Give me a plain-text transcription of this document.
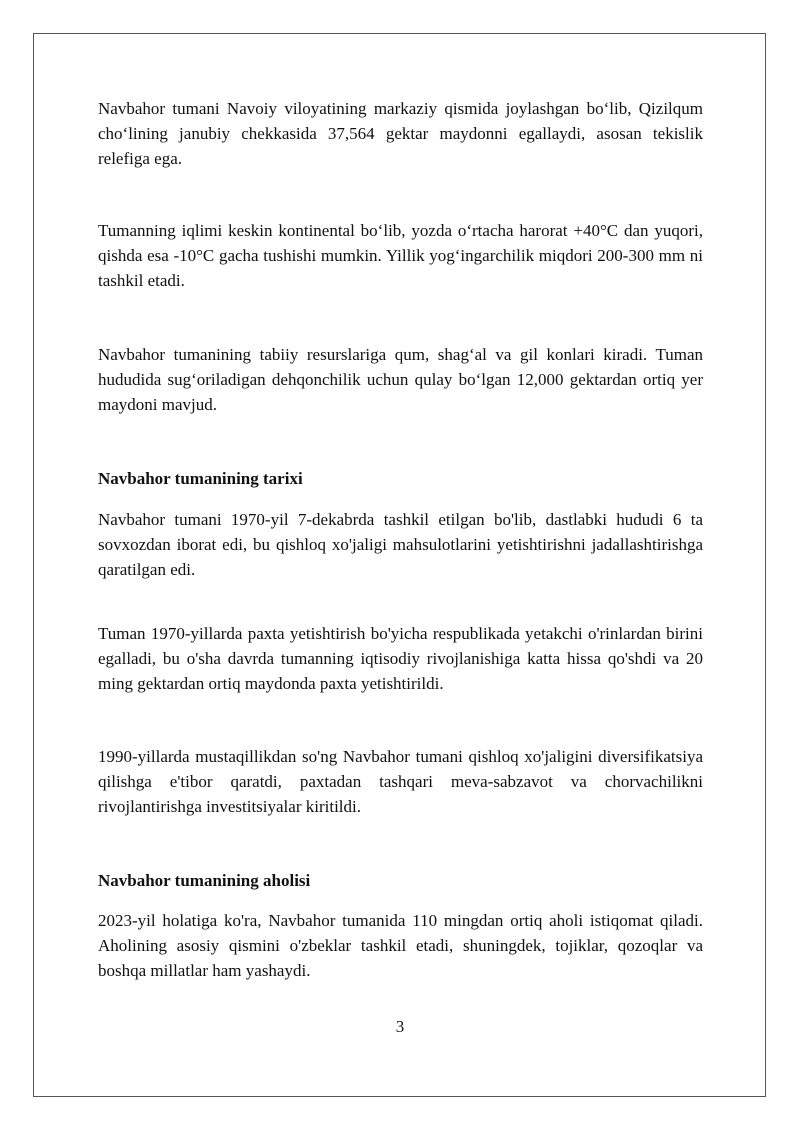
Navbahor tumani Navoiy viloyatining markaziy qismida joylashgan bo‘lib, Qizilqum cho‘lining janubiy chekkasida 37,564 gektar maydonni egallaydi, asosan tekislik relefiga ega.

Tumanning iqlimi keskin kontinental bo‘lib, yozda o‘rtacha harorat +40°C dan yuqori, qishda esa -10°C gacha tushishi mumkin. Yillik yog‘ingarchilik miqdori 200-300 mm ni tashkil etadi.

Navbahor tumanining tabiiy resurslariga qum, shag‘al va gil konlari kiradi. Tuman hududida sug‘oriladigan dehqonchilik uchun qulay bo‘lgan 12,000 gektardan ortiq yer maydoni mavjud.

Navbahor tumanining tarixi

Navbahor tumani 1970-yil 7-dekabrda tashkil etilgan bo'lib, dastlabki hududi 6 ta sovxozdan iborat edi, bu qishloq xo'jaligi mahsulotlarini yetishtirishni jadallashtirishga qaratilgan edi.

Tuman 1970-yillarda paxta yetishtirish bo'yicha respublikada yetakchi o'rinlardan birini egalladi, bu o'sha davrda tumanning iqtisodiy rivojlanishiga katta hissa qo'shdi va 20 ming gektardan ortiq maydonda paxta yetishtirildi.

1990-yillarda mustaqillikdan so'ng Navbahor tumani qishloq xo'jaligini diversifikatsiya qilishga e'tibor qaratdi, paxtadan tashqari meva-sabzavot va chorvachilikni rivojlantirishga investitsiyalar kiritildi.

Navbahor tumanining aholisi

2023-yil holatiga ko'ra, Navbahor tumanida 110 mingdan ortiq aholi istiqomat qiladi. Aholining asosiy qismini o'zbeklar tashkil etadi, shuningdek, tojiklar, qozoqlar va boshqa millatlar ham yashaydi.

3
